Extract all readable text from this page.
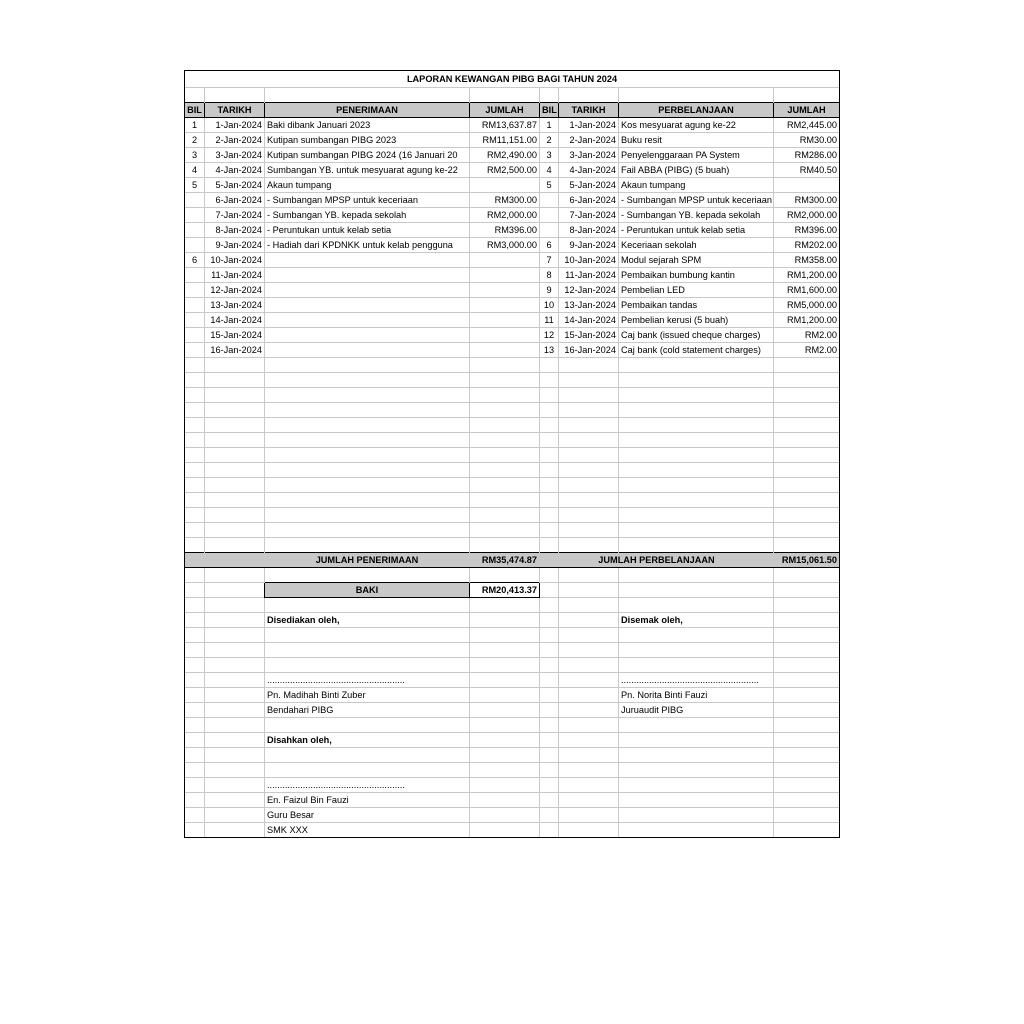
LAPORAN KEWANGAN PIBG BAGI TAHUN 2024							

BIL	TARIKH	PENERIMAAN	JUMLAH	BIL	TARIKH	PERBELANJAAN	JUMLAH
1	1-Jan-2024	Baki dibank Januari 2023	RM13,637.87	1	1-Jan-2024	Kos mesyuarat agung ke-22	RM2,445.00
2	2-Jan-2024	Kutipan sumbangan PIBG 2023	RM11,151.00	2	2-Jan-2024	Buku resit	RM30.00
3	3-Jan-2024	Kutipan sumbangan PIBG 2024 (16 Januari 20	RM2,490.00	3	3-Jan-2024	Penyelenggaraan PA System	RM286.00
4	4-Jan-2024	Sumbangan YB. untuk mesyuarat agung ke-22	RM2,500.00	4	4-Jan-2024	Fail ABBA (PIBG) (5 buah)	RM40.50
5	5-Jan-2024	Akaun tumpang		5	5-Jan-2024	Akaun tumpang	
	6-Jan-2024	- Sumbangan MPSP untuk keceriaan	RM300.00		6-Jan-2024	- Sumbangan MPSP untuk keceriaan	RM300.00
	7-Jan-2024	- Sumbangan YB. kepada sekolah	RM2,000.00		7-Jan-2024	- Sumbangan YB. kepada sekolah	RM2,000.00
	8-Jan-2024	- Peruntukan untuk kelab setia	RM396.00		8-Jan-2024	- Peruntukan untuk kelab setia	RM396.00
	9-Jan-2024	- Hadiah dari KPDNKK untuk kelab pengguna	RM3,000.00	6	9-Jan-2024	Keceriaan sekolah	RM202.00
6	10-Jan-2024			7	10-Jan-2024	Modul sejarah SPM	RM358.00
	11-Jan-2024			8	11-Jan-2024	Pembaikan bumbung kantin	RM1,200.00
	12-Jan-2024			9	12-Jan-2024	Pembelian LED	RM1,600.00
	13-Jan-2024			10	13-Jan-2024	Pembaikan tandas	RM5,000.00
	14-Jan-2024			11	14-Jan-2024	Pembelian kerusi (5 buah)	RM1,200.00
	15-Jan-2024			12	15-Jan-2024	Caj bank (issued cheque charges)	RM2.00
	16-Jan-2024			13	16-Jan-2024	Caj bank (cold statement charges)	RM2.00

		JUMLAH PENERIMAAN	RM35,474.87	JUMLAH PERBELANJAAN			RM15,061.50

		BAKI	RM20,413.37				

		Disediakan oleh,				Disemak oleh,	

		......................................................				......................................................	
		Pn. Madihah Binti Zuber				Pn. Norita Binti Fauzi	
		Bendahari PIBG				Juruaudit PIBG	

		Disahkan oleh,					

		......................................................					
		En. Faizul Bin Fauzi					
		Guru Besar					
		SMK XXX					
